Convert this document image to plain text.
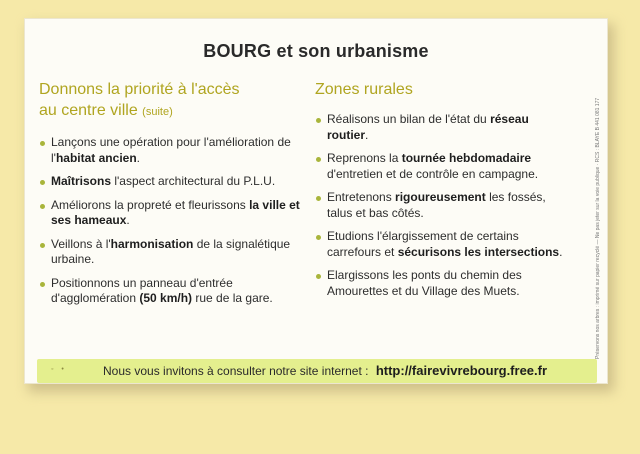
BOURG et son urbanisme
Donnons la priorité à l'accès
au centre ville (suite)
Lançons une opération pour l'amélioration de l'habitat ancien.
Maîtrisons l'aspect architectural du P.L.U.
Améliorons la propreté et fleurissons la ville et ses hameaux.
Veillons à l'harmonisation de la signalétique urbaine.
Positionnons un panneau d'entrée d'agglomération (50 km/h) rue de la gare.
Zones rurales
Réalisons un bilan de l'état du réseau routier.
Reprenons la tournée hebdomadaire d'entretien et de contrôle en campagne.
Entretenons rigoureusement les fossés, talus et bas côtés.
Etudions l'élargissement de certains carrefours et sécurisons les intersections.
Elargissons les ponts du chemin des Amourettes et du Village des Muets.	Préservons nos arbres : imprimé sur papier recyclé — Ne pas jeter sur la voie publique · RCS : BLAYE B 441 081 177
◦ •	Nous vous invitons à consulter notre site internet : http://fairevivrebourg.free.fr
